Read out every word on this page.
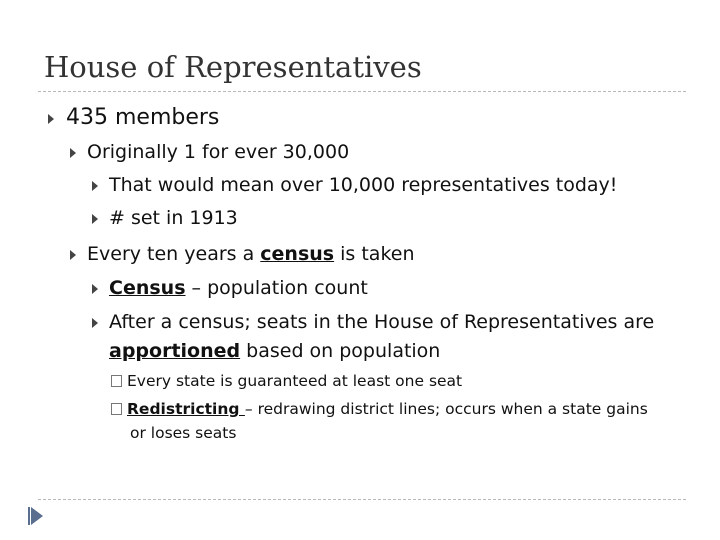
House of Representatives
435 members
Originally 1 for ever 30,000
That would mean over 10,000 representatives today!
# set in 1913
Every ten years a census is taken
Census – population count
After a census; seats in the House of Representatives are
apportioned based on population
Every state is guaranteed at least one seat
Redistricting – redrawing district lines; occurs when a state gains
or loses seats
